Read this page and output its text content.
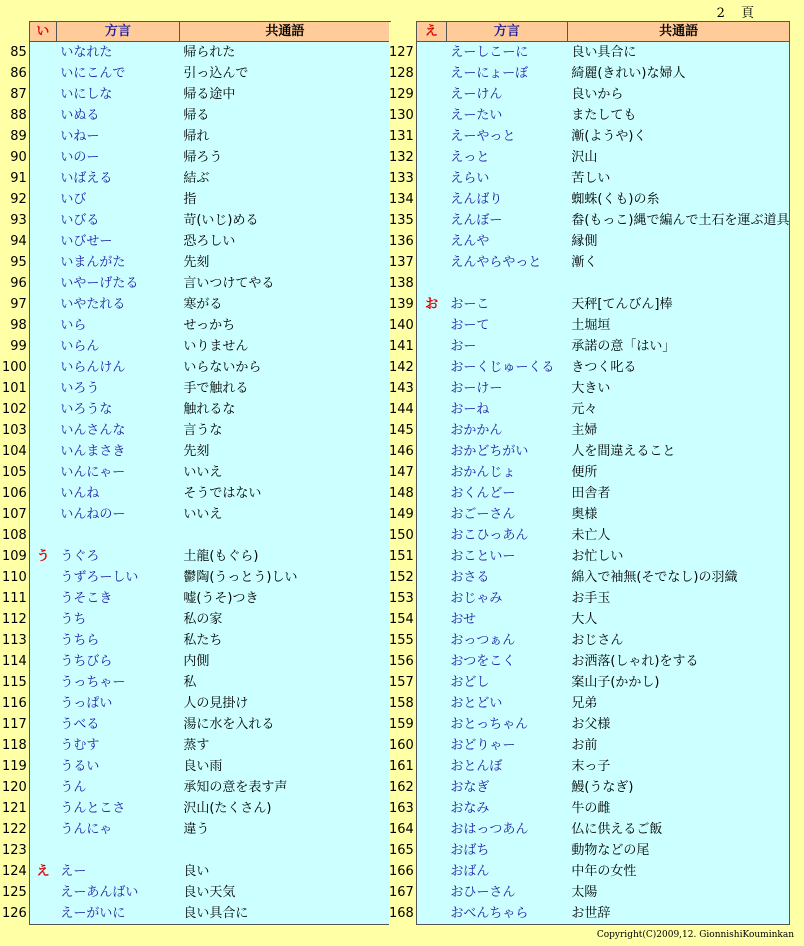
2 頁
	い	方言	共通語
85		いなれた	帰られた
86		いにこんで	引っ込んで
87		いにしな	帰る途中
88		いぬる	帰る
89		いねー	帰れ
90		いのー	帰ろう
91		いばえる	結ぶ
92		いび	指
93		いびる	苛(いじ)める
94		いびせー	恐ろしい
95		いまんがた	先刻
96		いやーげたる	言いつけてやる
97		いやたれる	寒がる
98		いら	せっかち
99		いらん	いりません
100		いらんけん	いらないから
101		いろう	手で触れる
102		いろうな	触れるな
103		いんさんな	言うな
104		いんまさき	先刻
105		いんにゃー	いいえ
106		いんね	そうではない
107		いんねのー	いいえ
108			
109	う	うぐろ	土龍(もぐら)
110		うずろーしい	鬱陶(うっとう)しい
111		うそこき	嘘(うそ)つき
112		うち	私の家
113		うちら	私たち
114		うちびら	内側
115		うっちゃー	私
116		うっぱい	人の見掛け
117		うべる	湯に水を入れる
118		うむす	蒸す
119		うるい	良い雨
120		うん	承知の意を表す声
121		うんとこさ	沢山(たくさん)
122		うんにゃ	違う
123			
124	え	えー	良い
125		えーあんばい	良い天気
126		えーがいに	良い具合に
	え	方言	共通語
127		えーしこーに	良い具合に
128		えーにょーぼ	綺麗(きれい)な婦人
129		えーけん	良いから
130		えーたい	またしても
131		えーやっと	漸(ようや)く
132		えっと	沢山
133		えらい	苦しい
134		えんばり	蜘蛛(くも)の糸
135		えんぼー	畚(もっこ)縄で編んで土石を運ぶ道具
136		えんや	縁側
137		えんやらやっと	漸く
138			
139	お	おーこ	天秤[てんびん]棒
140		おーて	土堀垣
141		おー	承諾の意「はい」
142		おーくじゅーくる	きつく叱る
143		おーけー	大きい
144		おーね	元々
145		おかかん	主婦
146		おかどちがい	人を間違えること
147		おかんじょ	便所
148		おくんどー	田舎者
149		おごーさん	奥様
150		おこひっあん	未亡人
151		おこといー	お忙しい
152		おさる	綿入で袖無(そでなし)の羽織
153		おじゃみ	お手玉
154		おせ	大人
155		おっつぁん	おじさん
156		おつをこく	お洒落(しゃれ)をする
157		おどし	案山子(かかし)
158		おとどい	兄弟
159		おとっちゃん	お父様
160		おどりゃー	お前
161		おとんぼ	末っ子
162		おなぎ	鰻(うなぎ)
163		おなみ	牛の雌
164		おはっつあん	仏に供えるご飯
165		おばち	動物などの尾
166		おばん	中年の女性
167		おひーさん	太陽
168		おべんちゃら	お世辞
Copyright(C)2009,12. GionnishiKouminkan
